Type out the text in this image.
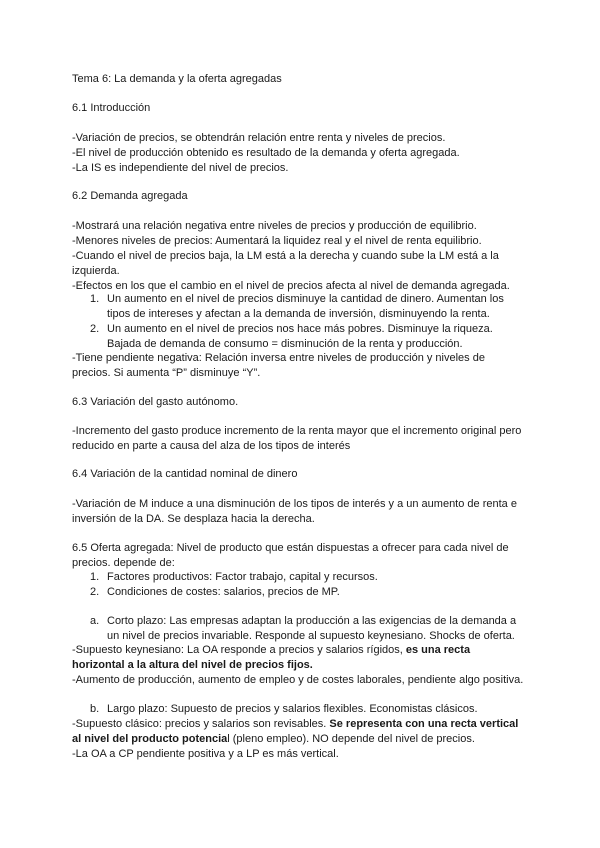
Tema 6: La demanda y la oferta agregadas
6.1 Introducción
-Variación de precios, se obtendrán relación entre renta y niveles de precios.
-El nivel de producción obtenido es resultado de la demanda y oferta agregada.
-La IS es independiente del nivel de precios.
6.2 Demanda agregada
-Mostrará una relación negativa entre niveles de precios y producción de equilibrio.
-Menores niveles de precios: Aumentará la liquidez real y el nivel de renta equilibrio.
-Cuando el nivel de precios baja, la LM está a la derecha y cuando sube la LM está a la
izquierda.
-Efectos en los que el cambio en el nivel de precios afecta al nivel de demanda agregada.
1. Un aumento en el nivel de precios disminuye la cantidad de dinero. Aumentan los
tipos de intereses y afectan a la demanda de inversión, disminuyendo la renta.
2. Un aumento en el nivel de precios nos hace más pobres. Disminuye la riqueza.
Bajada de demanda de consumo = disminución de la renta y producción.
-Tiene pendiente negativa: Relación inversa entre niveles de producción y niveles de
precios. Si aumenta “P” disminuye “Y”.
6.3 Variación del gasto autónomo.
-Incremento del gasto produce incremento de la renta mayor que el incremento original pero
reducido en parte a causa del alza de los tipos de interés
6.4 Variación de la cantidad nominal de dinero
-Variación de M induce a una disminución de los tipos de interés y a un aumento de renta e
inversión de la DA. Se desplaza hacia la derecha.
6.5 Oferta agregada: Nivel de producto que están dispuestas a ofrecer para cada nivel de
precios. depende de:
1. Factores productivos: Factor trabajo, capital y recursos.
2. Condiciones de costes: salarios, precios de MP.
a. Corto plazo: Las empresas adaptan la producción a las exigencias de la demanda a
un nivel de precios invariable. Responde al supuesto keynesiano. Shocks de oferta.
-Supuesto keynesiano: La OA responde a precios y salarios rígidos, es una recta
horizontal a la altura del nivel de precios fijos.
-Aumento de producción, aumento de empleo y de costes laborales, pendiente algo positiva.
b. Largo plazo: Supuesto de precios y salarios flexibles. Economistas clásicos.
-Supuesto clásico: precios y salarios son revisables. Se representa con una recta vertical
al nivel del producto potencial (pleno empleo). NO depende del nivel de precios.
-La OA a CP pendiente positiva y a LP es más vertical.
